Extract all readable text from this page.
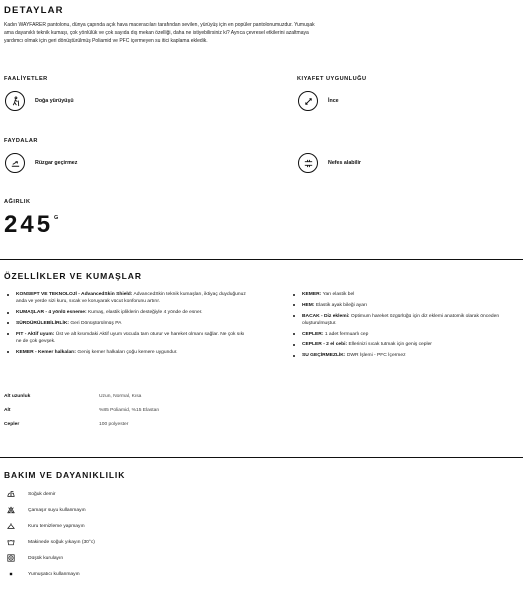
DETAYLAR
Kadın WAYFARER pantolonu, dünya çapında açık hava maceracıları tarafından sevilen, yürüyüş için en popüler pantolonumuzdur. Yumuşak
ama dayanıklı teknik kumaşı, çok yönlülük ve çok sayıda dış mekan özelliği, daha ne istiyebilirsiniz ki? Ayrıca çevresel etkilerini azaltmaya
yardımcı olmak için geri dönüştürülmüş Poliamid ve PFC içermeyen su itici kaplama ekledik.
FAALİYETLER
Doğa yürüyüşü
KIYAFET UYGUNLUĞU
İnce
FAYDALAR
Rüzgar geçirmez	Nefes alabilir
AĞIRLIK
245 G
ÖZELLİKLER VE KUMAŞLAR
KONSEPT VE TEKNOLOJİ - AdvancedSkin Shield: AdvancedSkin teknik kumaşları, iktiyaç duyduğunuz anda ve yerde sizi kuru, sıcak ve koruyarak vücut konforunu artırır.
KUMAŞLAR - 4 yönlü esneme: Kumaş, elastik ipliklerin desteğiyle 4 yönde de esner.
SÜRDÜRÜLEBİLİRLİK: Geri Dönüştürülmüş PA
FIT - Aktif uyum: Üst ve alt kısımdaki Aktif uyum vücuda tam oturur ve hareket olmanı sağlar. Ne çok sıkı ne de çok gevşek.
KEMER - Kemer halkaları: Geniş kemer halkaları çoğu kemere uygundur.
KEMER: Yarı elastik bel
HEM: Elastik ayak bileği ayarı
BACAK - Diz eklemi: Optimum hareket özgürlüğü için diz eklemi anatomik olarak önceden oluşturulmuştur.
CEPLER: 1 adet fermuarlı cep
CEPLER - 2 el cebi: Ellerinizi sıcak tutmak için geniş cepler
SU GEÇİRMEZLİK: DWR İşlemi - PFC İçermez
Alt uzunluk	Uzun, Normal, Kısa
Alt	%85 Poliamid, %15 Elastan
Cepler	100 polyester
BAKIM VE DAYANIKLILIK
Soğuk demir
Çamaşır suyu kullanmayın
Kuru temizleme yapmayın
Makinede soğuk yıkayın (30°c)
Düşük kurulayın
Yumuşatıcı kullanmayın
